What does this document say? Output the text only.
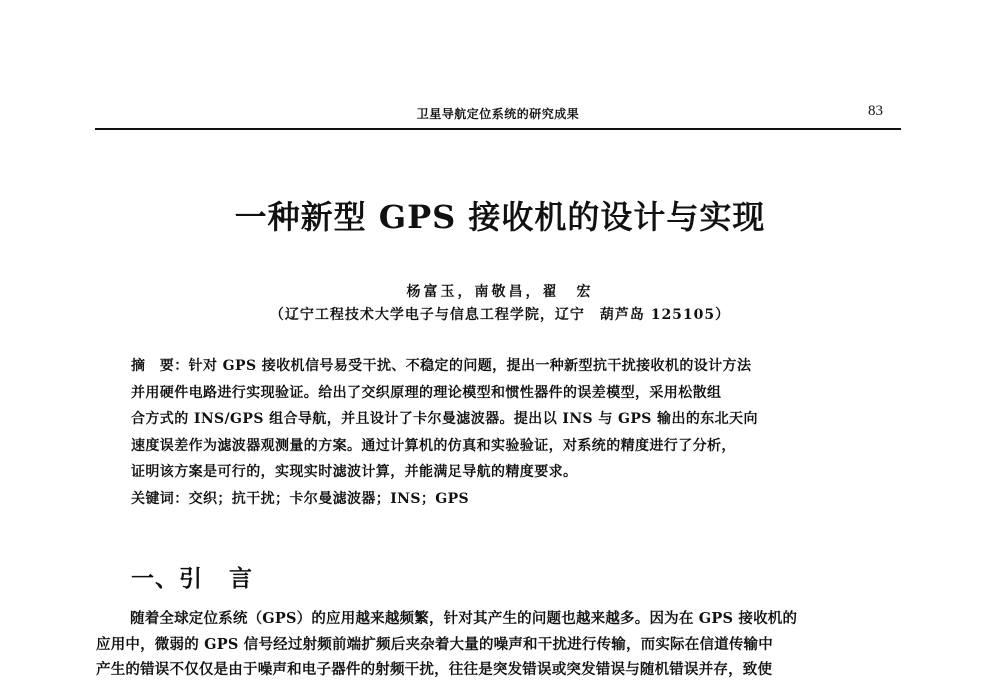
卫星导航定位系统的研究成果	83
一种新型 GPS 接收机的设计与实现
杨富玉，南敬昌，翟　宏
（辽宁工程技术大学电子与信息工程学院，辽宁　葫芦岛 125105）
摘　要：针对 GPS 接收机信号易受干扰、不稳定的问题，提出一种新型抗干扰接收机的设计方法
并用硬件电路进行实现验证。给出了交织原理的理论模型和惯性器件的误差模型，采用松散组
合方式的 INS/GPS 组合导航，并且设计了卡尔曼滤波器。提出以 INS 与 GPS 输出的东北天向
速度误差作为滤波器观测量的方案。通过计算机的仿真和实验验证，对系统的精度进行了分析，
证明该方案是可行的，实现实时滤波计算，并能满足导航的精度要求。
关键词：交织；抗干扰；卡尔曼滤波器；INS；GPS
一、引 言
随着全球定位系统（GPS）的应用越来越频繁，针对其产生的问题也越来越多。因为在 GPS 接收机的
应用中，微弱的 GPS 信号经过射频前端扩频后夹杂着大量的噪声和干扰进行传输，而实际在信道传输中
产生的错误不仅仅是由于噪声和电子器件的射频干扰，往往是突发错误或突发错误与随机错误并存，致使
